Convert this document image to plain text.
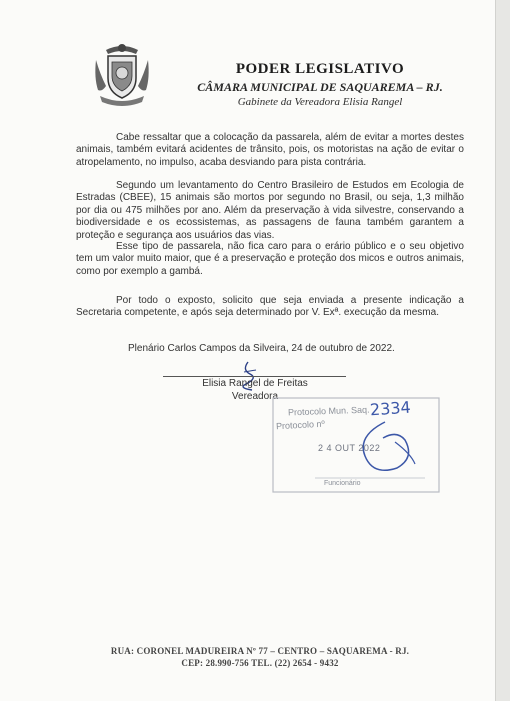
PODER LEGISLATIVO
CÂMARA MUNICIPAL DE SAQUAREMA – RJ.
Gabinete da Vereadora Elisia Rangel

Cabe ressaltar que a colocação da passarela, além de evitar a mortes destes animais, também evitará acidentes de trânsito, pois, os motoristas na ação de evitar o atropelamento, no impulso, acaba desviando para pista contrária.

Segundo um levantamento do Centro Brasileiro de Estudos em Ecologia de Estradas (CBEE), 15 animais são mortos por segundo no Brasil, ou seja, 1,3 milhão por dia ou 475 milhões por ano. Além da preservação à vida silvestre, conservando a biodiversidade e os ecossistemas, as passagens de fauna também garantem a proteção e segurança aos usuários das vias.

Esse tipo de passarela, não fica caro para o erário público e o seu objetivo tem um valor muito maior, que é a preservação e proteção dos micos e outros animais, como por exemplo a gambá.

Por todo o exposto, solicito que seja enviada a presente indicação a Secretaria competente, e após seja determinado por V. Exª. execução da mesma.

Plenário Carlos Campos da Silveira, 24 de outubro de 2022.
Elisia Rangel de Freitas
Vereadora
Protocolo Mun. Saq.
Protocolo nº
2334
2 4 OUT 2022
Funcionário
RUA: CORONEL MADUREIRA Nº 77 – CENTRO – SAQUAREMA - RJ.
CEP: 28.990-756 TEL. (22) 2654 - 9432
